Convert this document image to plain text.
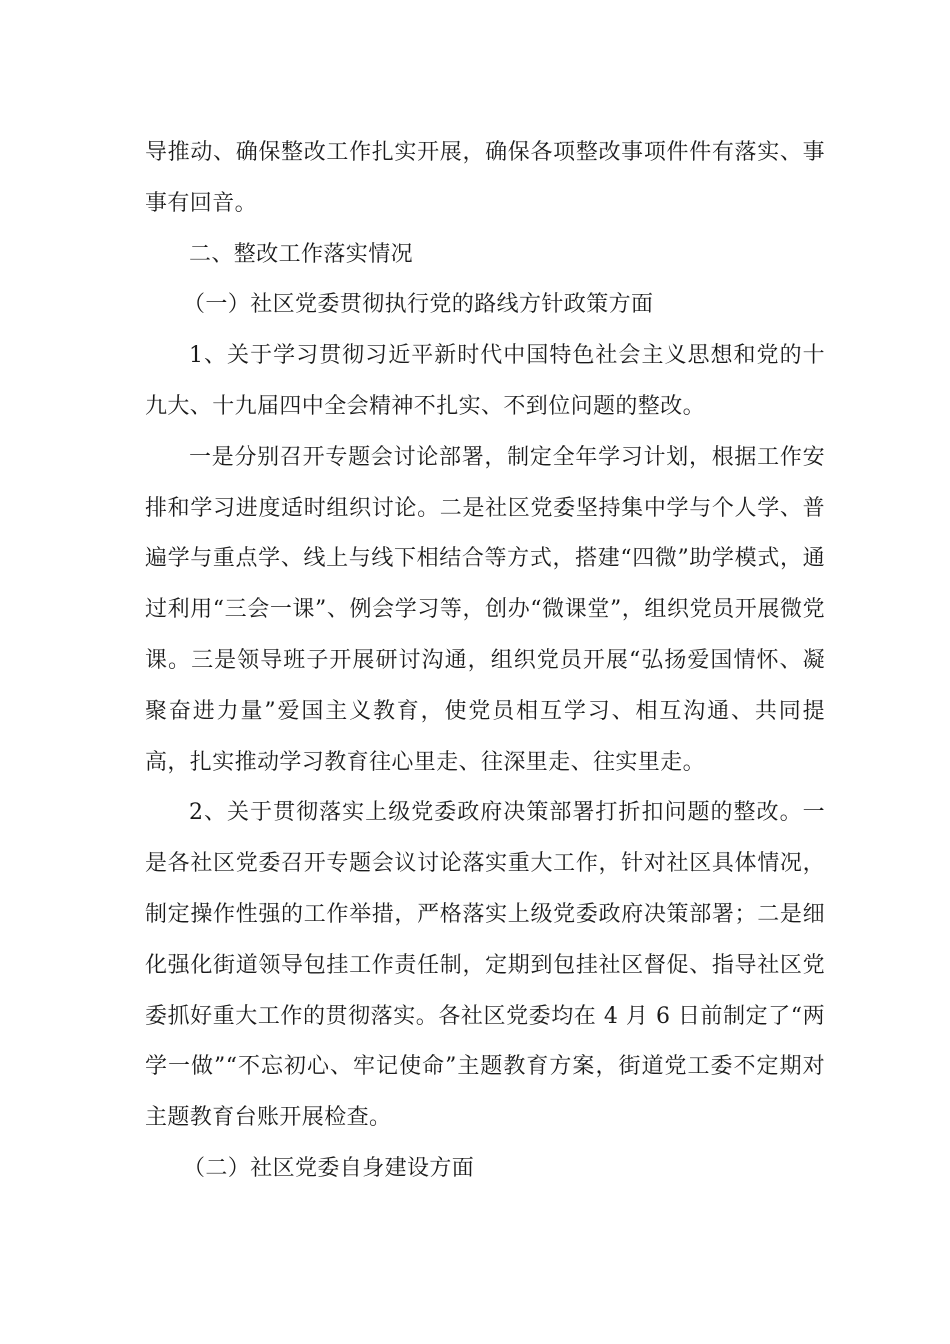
导推动、确保整改工作扎实开展，确保各项整改事项件件有落实、事事有回音。

二、整改工作落实情况

（一）社区党委贯彻执行党的路线方针政策方面

1、关于学习贯彻习近平新时代中国特色社会主义思想和党的十九大、十九届四中全会精神不扎实、不到位问题的整改。

一是分别召开专题会讨论部署，制定全年学习计划，根据工作安排和学习进度适时组织讨论。二是社区党委坚持集中学与个人学、普遍学与重点学、线上与线下相结合等方式，搭建“四微”助学模式，通过利用“三会一课”、例会学习等，创办“微课堂”，组织党员开展微党课。三是领导班子开展研讨沟通，组织党员开展“弘扬爱国情怀、凝聚奋进力量”爱国主义教育，使党员相互学习、相互沟通、共同提高，扎实推动学习教育往心里走、往深里走、往实里走。

2、关于贯彻落实上级党委政府决策部署打折扣问题的整改。一是各社区党委召开专题会议讨论落实重大工作，针对社区具体情况，制定操作性强的工作举措，严格落实上级党委政府决策部署；二是细化强化街道领导包挂工作责任制，定期到包挂社区督促、指导社区党委抓好重大工作的贯彻落实。各社区党委均在 4 月 6 日前制定了“两学一做”“不忘初心、牢记使命”主题教育方案，街道党工委不定期对主题教育台账开展检查。

（二）社区党委自身建设方面
